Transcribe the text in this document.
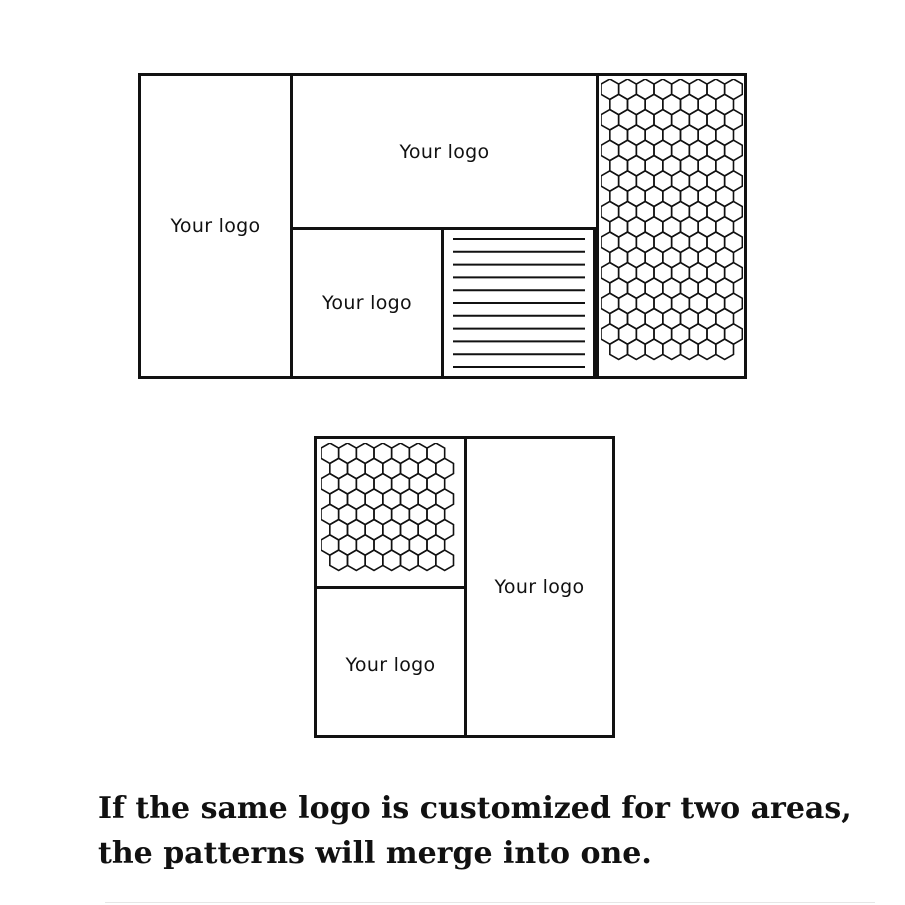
Your logo
Your logo
Your logo
Your logo
Your logo
If the same logo is customized for two areas,
the patterns will merge into one.
